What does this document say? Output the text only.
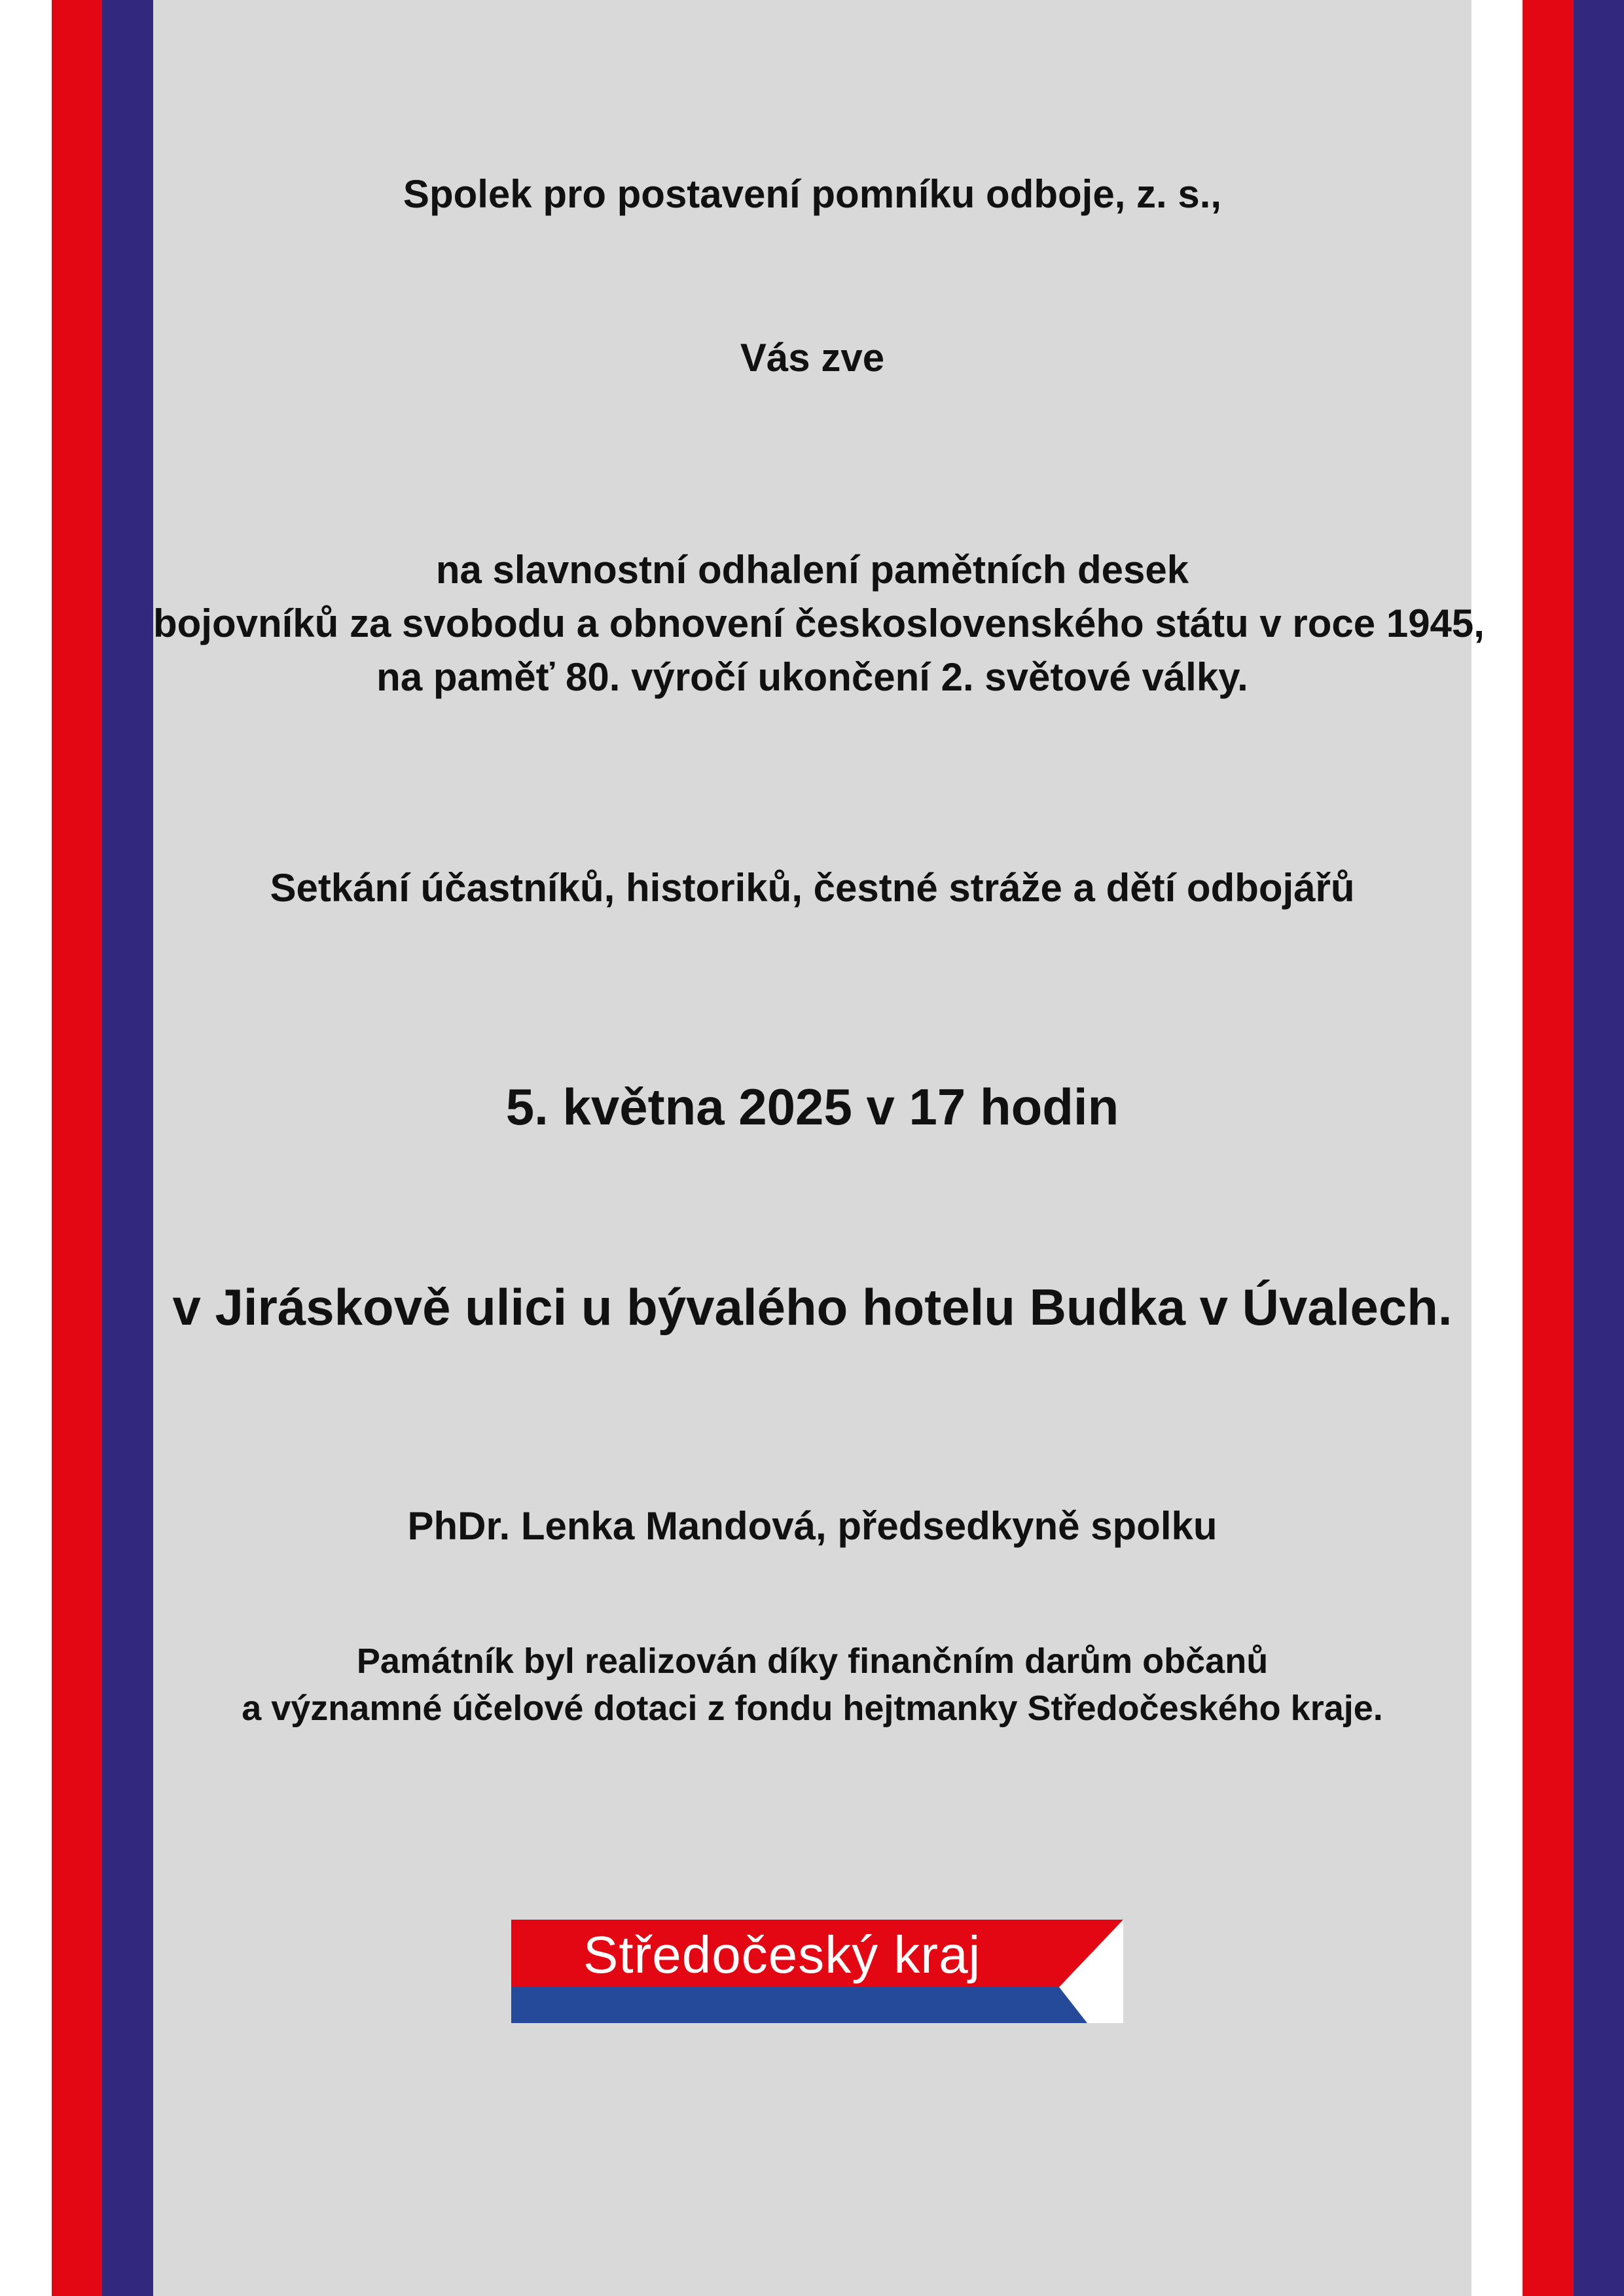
Spolek pro postavení pomníku odboje, z. s.,
Vás zve
na slavnostní odhalení pamětních desek
bojovníků za svobodu a obnovení československého státu v roce 1945,
na paměť 80. výročí ukončení 2. světové války.
Setkání účastníků, historiků, čestné stráže a dětí odbojářů
5. května 2025 v 17 hodin
v Jiráskově ulici u bývalého hotelu Budka v Úvalech.
PhDr. Lenka Mandová, předsedkyně spolku
Památník byl realizován díky finančním darům občanů
a významné účelové dotaci z fondu hejtmanky Středočeského kraje.
Středočeský kraj
